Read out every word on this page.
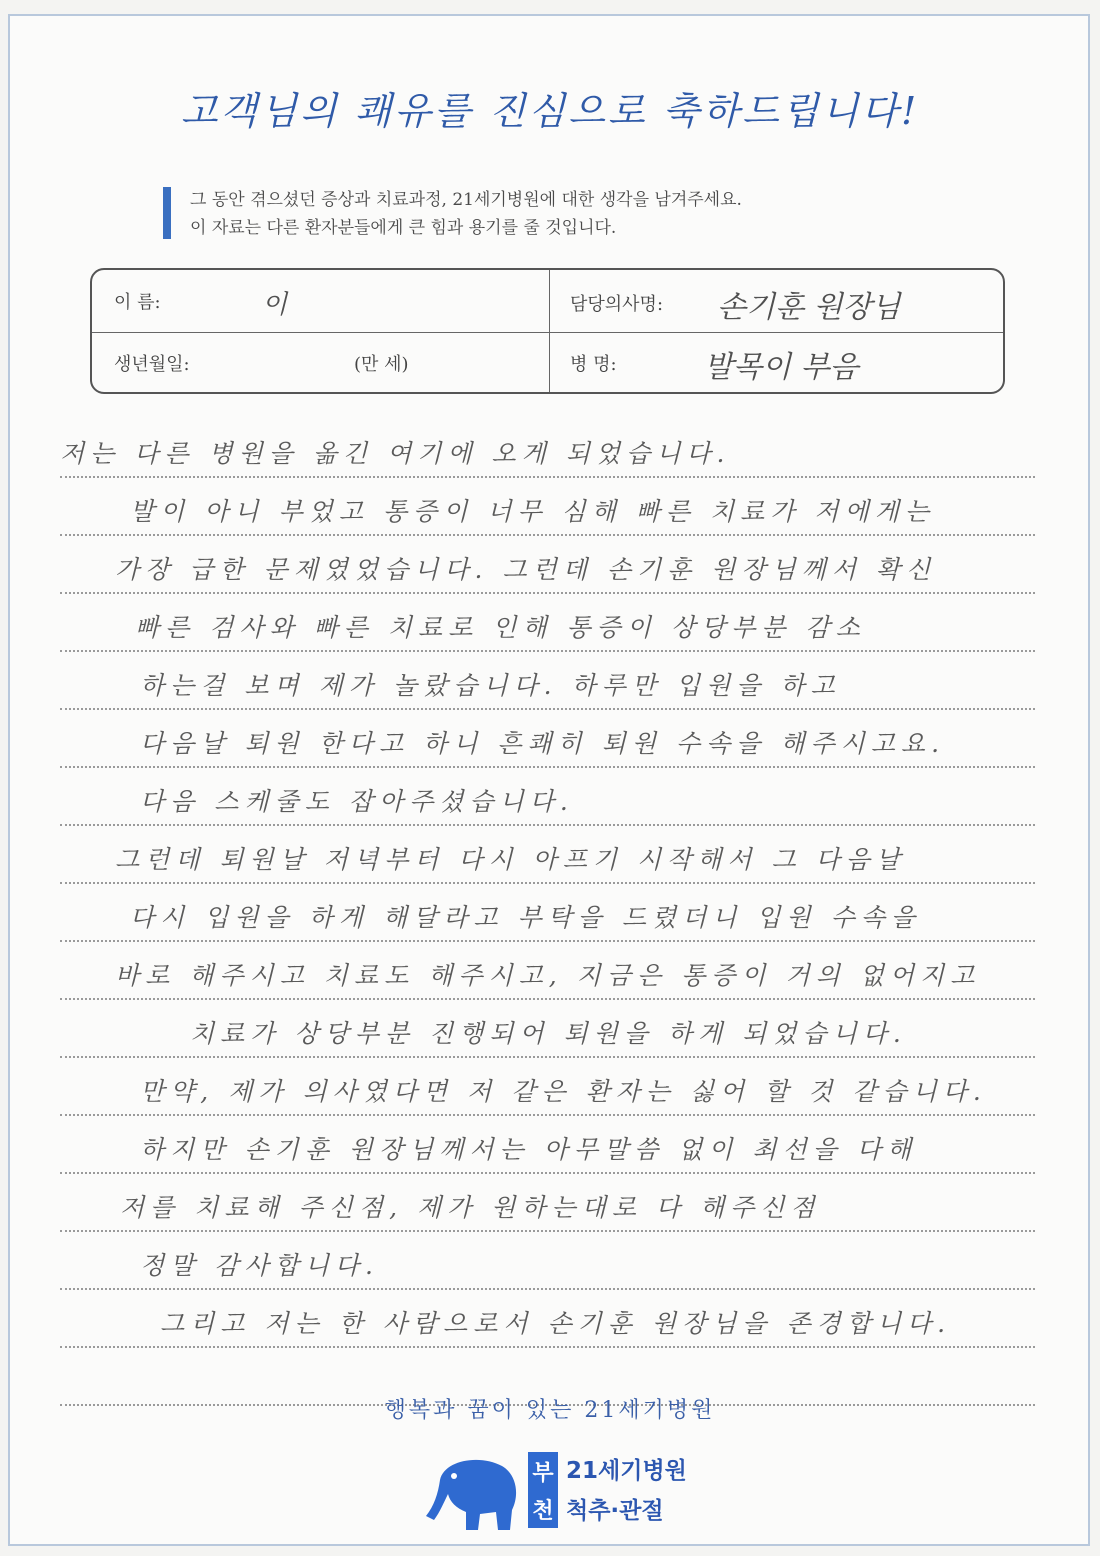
고객님의 쾌유를 진심으로 축하드립니다!
그 동안 겪으셨던 증상과 치료과정, 21세기병원에 대한 생각을 남겨주세요.
이 자료는 다른 환자분들에게 큰 힘과 용기를 줄 것입니다.
이 름:	이	담당의사명: 손기훈 원장님
생년월일:	(만 세)	병 명:	발목이 부음
저는 다른 병원을 옮긴 여기에 오게 되었습니다.
발이 아니 부었고 통증이 너무 심해 빠른 치료가 저에게는
가장 급한 문제였었습니다. 그런데 손기훈 원장님께서 확신
빠른 검사와 빠른 치료로 인해 통증이 상당부분 감소
하는걸 보며 제가 놀랐습니다. 하루만 입원을 하고
다음날 퇴원 한다고 하니 흔쾌히 퇴원 수속을 해주시고요.
다음 스케줄도 잡아주셨습니다.
그런데 퇴원날 저녁부터 다시 아프기 시작해서 그 다음날
다시 입원을 하게 해달라고 부탁을 드렸더니 입원 수속을
바로 해주시고 치료도 해주시고, 지금은 통증이 거의 없어지고
치료가 상당부분 진행되어 퇴원을 하게 되었습니다.
만약, 제가 의사였다면 저 같은 환자는 싫어 할 것 같습니다.
하지만 손기훈 원장님께서는 아무말씀 없이 최선을 다해
저를 치료해 주신점, 제가 원하는대로 다 해주신점
정말 감사합니다.
그리고 저는 한 사람으로서 손기훈 원장님을 존경합니다.
행복과 꿈이 있는 21세기병원
부
천
21세기병원
척추·관절
